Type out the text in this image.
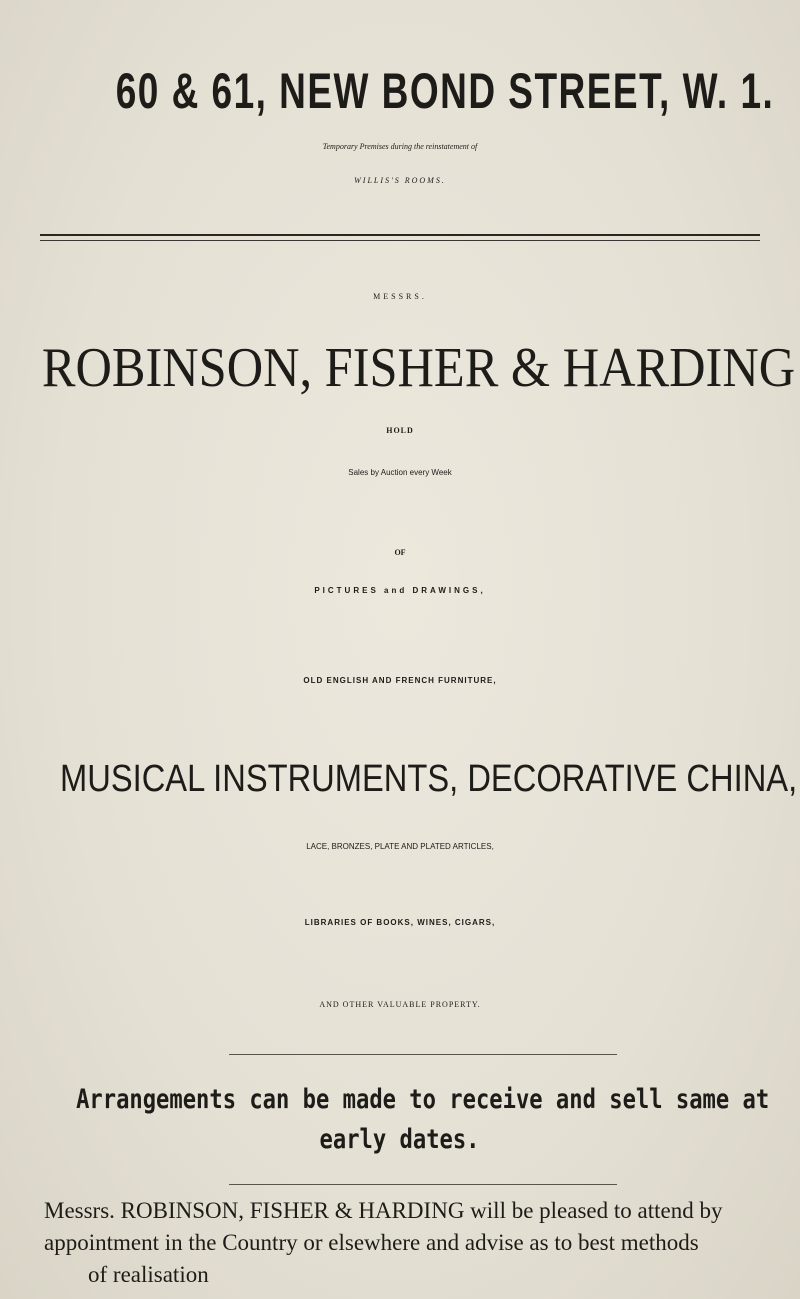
60 & 61, NEW BOND STREET, W. 1.
Temporary Premises during the reinstatement of
WILLIS'S ROOMS.
MESSRS.
ROBINSON, FISHER & HARDING
HOLD
Sales by Auction every Week
OF
PICTURES and DRAWINGS,
OLD ENGLISH AND FRENCH FURNITURE,
MUSICAL INSTRUMENTS, DECORATIVE CHINA,
LACE, BRONZES, PLATE AND PLATED ARTICLES,
LIBRARIES OF BOOKS, WINES, CIGARS,
AND OTHER VALUABLE PROPERTY.
Arrangements can be made to receive and sell same at
early dates.
Messrs. ROBINSON, FISHER & HARDING will be pleased to attend by
appointment in the Country or elsewhere and advise as to best methods
of realisation
